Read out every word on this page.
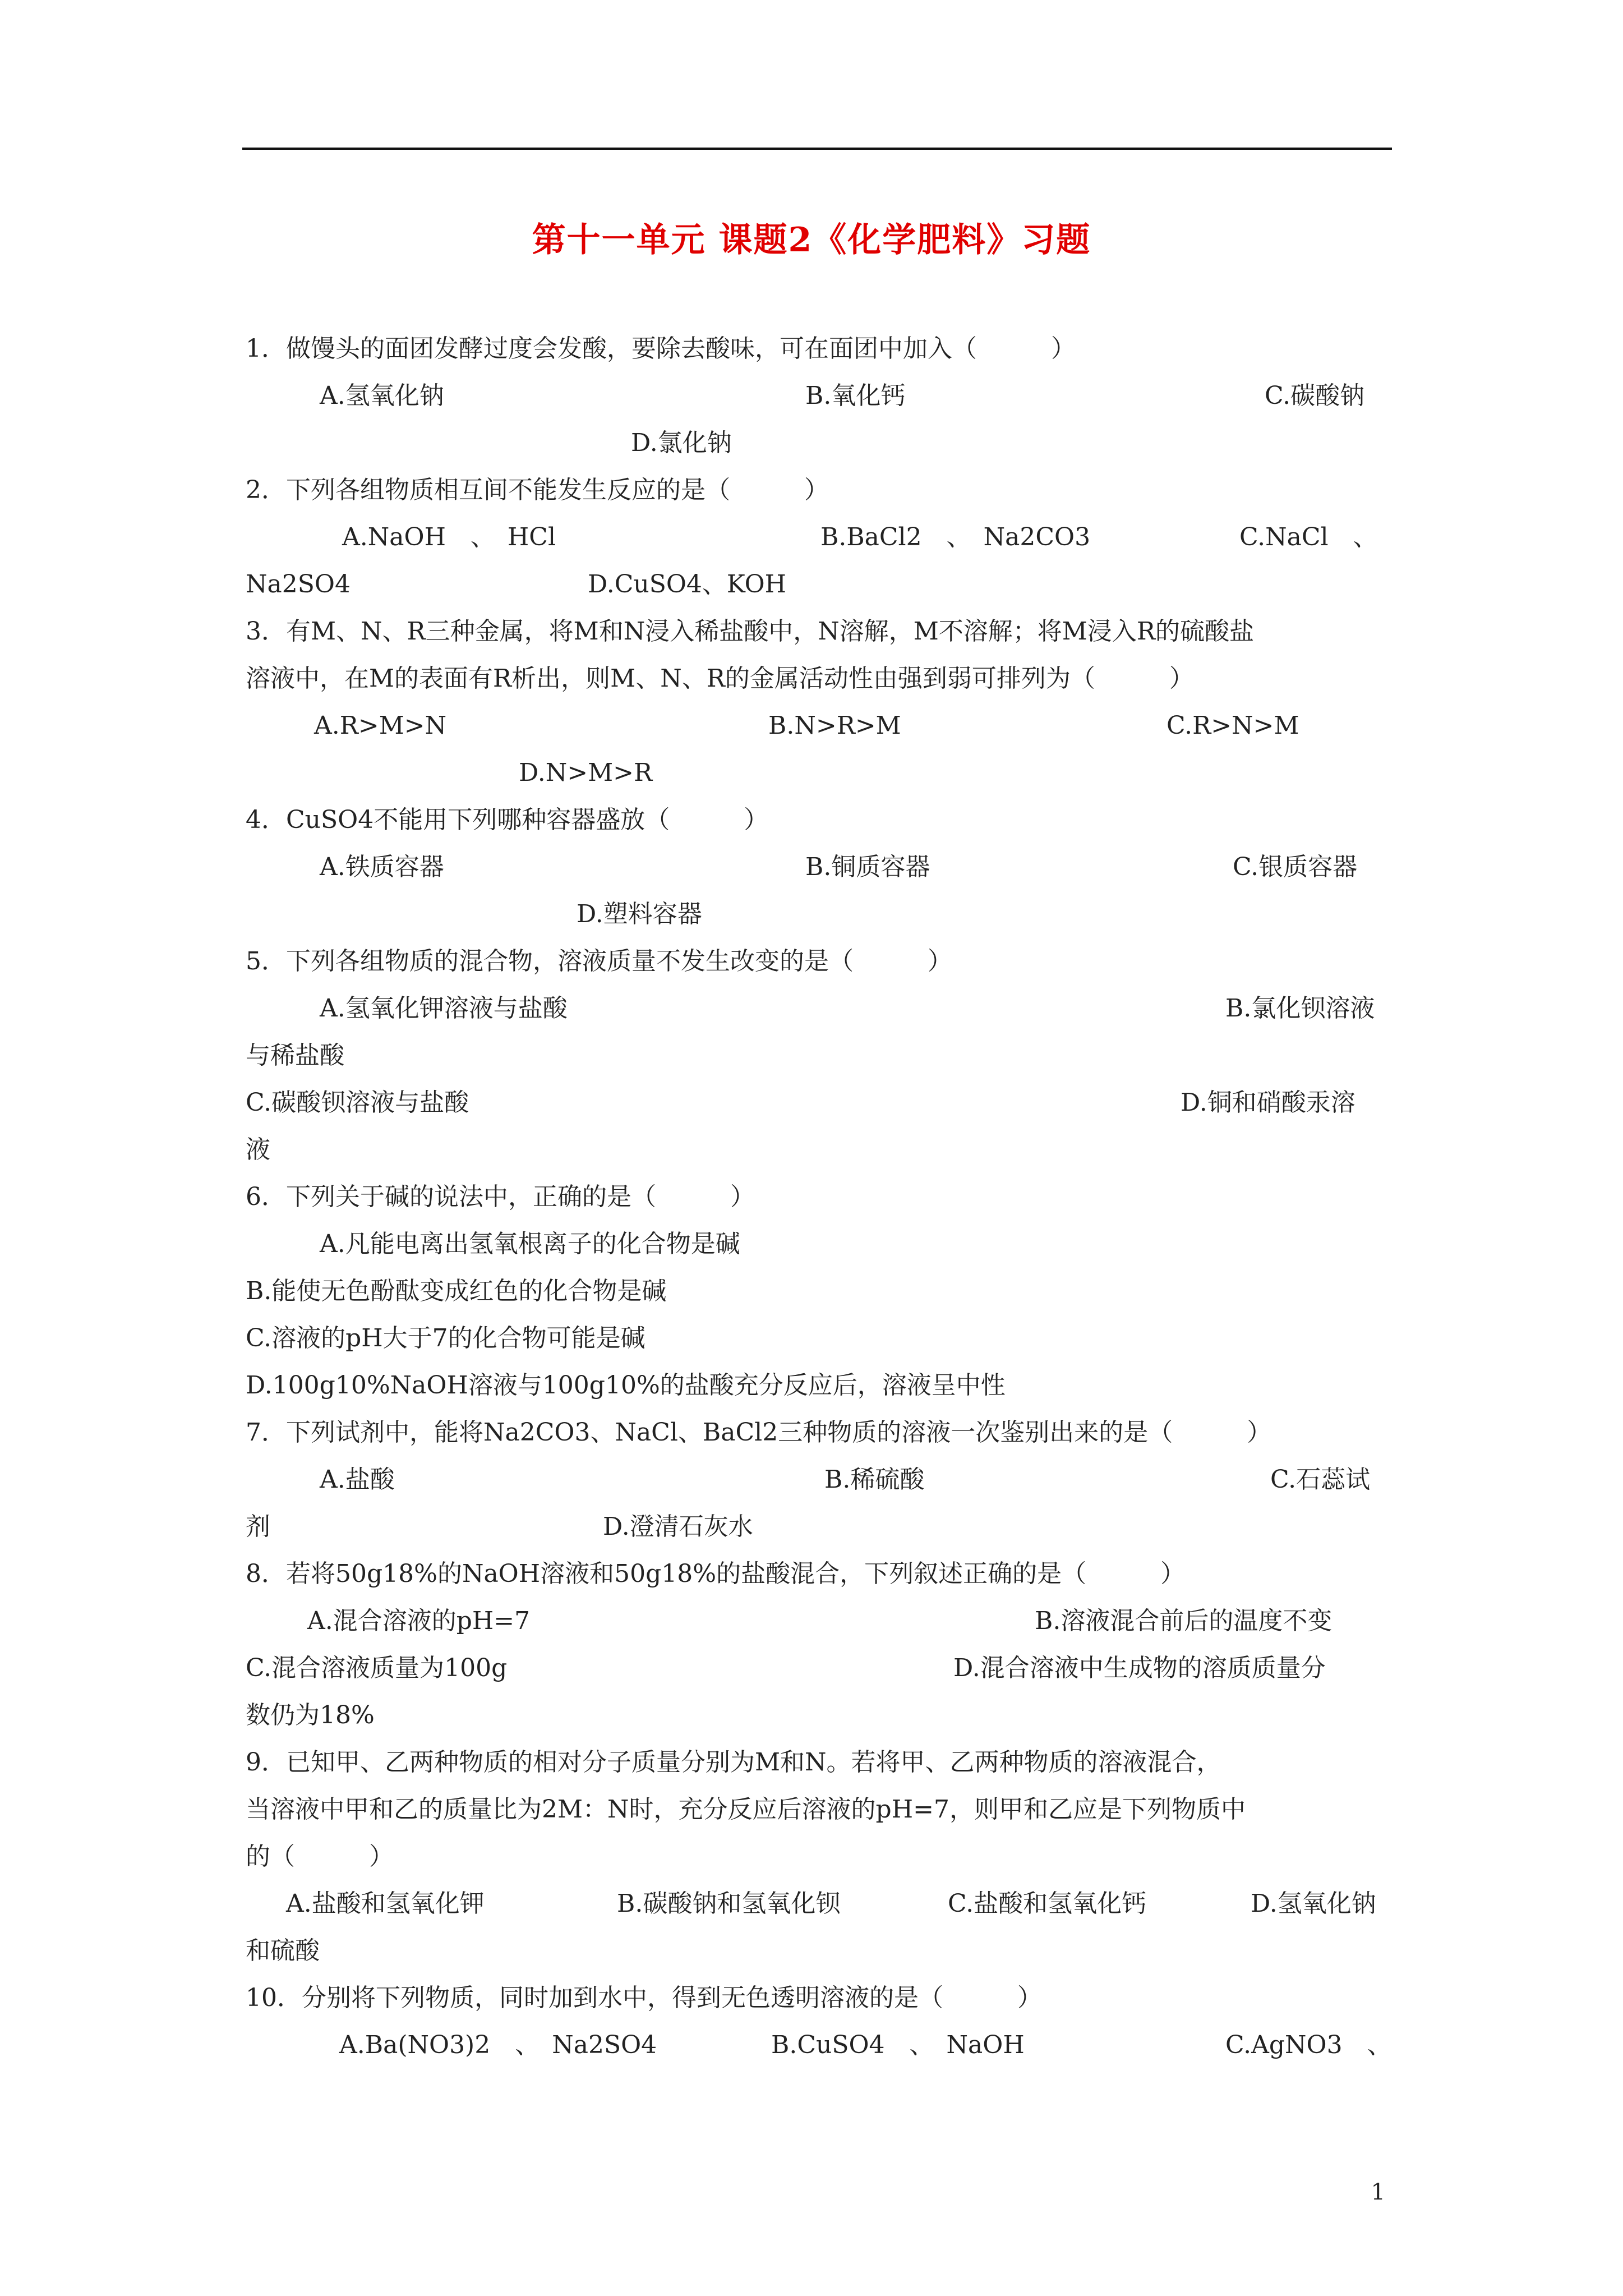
第十一单元 课题2《化学肥料》习题
1．做馒头的面团发酵过度会发酸，要除去酸味，可在面团中加入（　　　）
A.氢氧化钠	B.氧化钙	C.碳酸钠
D.氯化钠
2．下列各组物质相互间不能发生反应的是（　　　）
A.NaOH　、　HCl	B.BaCl2　、　Na2CO3	C.NaCl　、
Na2SO4	D.CuSO4、KOH
3．有M、N、R三种金属，将M和N浸入稀盐酸中，N溶解，M不溶解；将M浸入R的硫酸盐
溶液中，在M的表面有R析出，则M、N、R的金属活动性由强到弱可排列为（　　　）
A.R>M>N	B.N>R>M	C.R>N>M
D.N>M>R
4．CuSO4不能用下列哪种容器盛放（　　　）
A.铁质容器	B.铜质容器	C.银质容器
D.塑料容器
5．下列各组物质的混合物，溶液质量不发生改变的是（　　　）
A.氢氧化钾溶液与盐酸	B.氯化钡溶液
与稀盐酸
C.碳酸钡溶液与盐酸	D.铜和硝酸汞溶
液
6．下列关于碱的说法中，正确的是（　　　）
A.凡能电离出氢氧根离子的化合物是碱
B.能使无色酚酞变成红色的化合物是碱
C.溶液的pH大于7的化合物可能是碱
D.100g10%NaOH溶液与100g10%的盐酸充分反应后，溶液呈中性
7．下列试剂中，能将Na2CO3、NaCl、BaCl2三种物质的溶液一次鉴别出来的是（　　　）
A.盐酸	B.稀硫酸	C.石蕊试
剂	D.澄清石灰水
8．若将50g18%的NaOH溶液和50g18%的盐酸混合，下列叙述正确的是（　　　）
A.混合溶液的pH=7	B.溶液混合前后的温度不变
C.混合溶液质量为100g	D.混合溶液中生成物的溶质质量分
数仍为18%
9．已知甲、乙两种物质的相对分子质量分别为M和N。若将甲、乙两种物质的溶液混合，
当溶液中甲和乙的质量比为2M：N时，充分反应后溶液的pH=7，则甲和乙应是下列物质中
的（　　　）
A.盐酸和氢氧化钾	B.碳酸钠和氢氧化钡	C.盐酸和氢氧化钙	D.氢氧化钠
和硫酸
10．分别将下列物质，同时加到水中，得到无色透明溶液的是（　　　）
A.Ba(NO3)2　、　Na2SO4	B.CuSO4　、　NaOH	C.AgNO3　、
1
